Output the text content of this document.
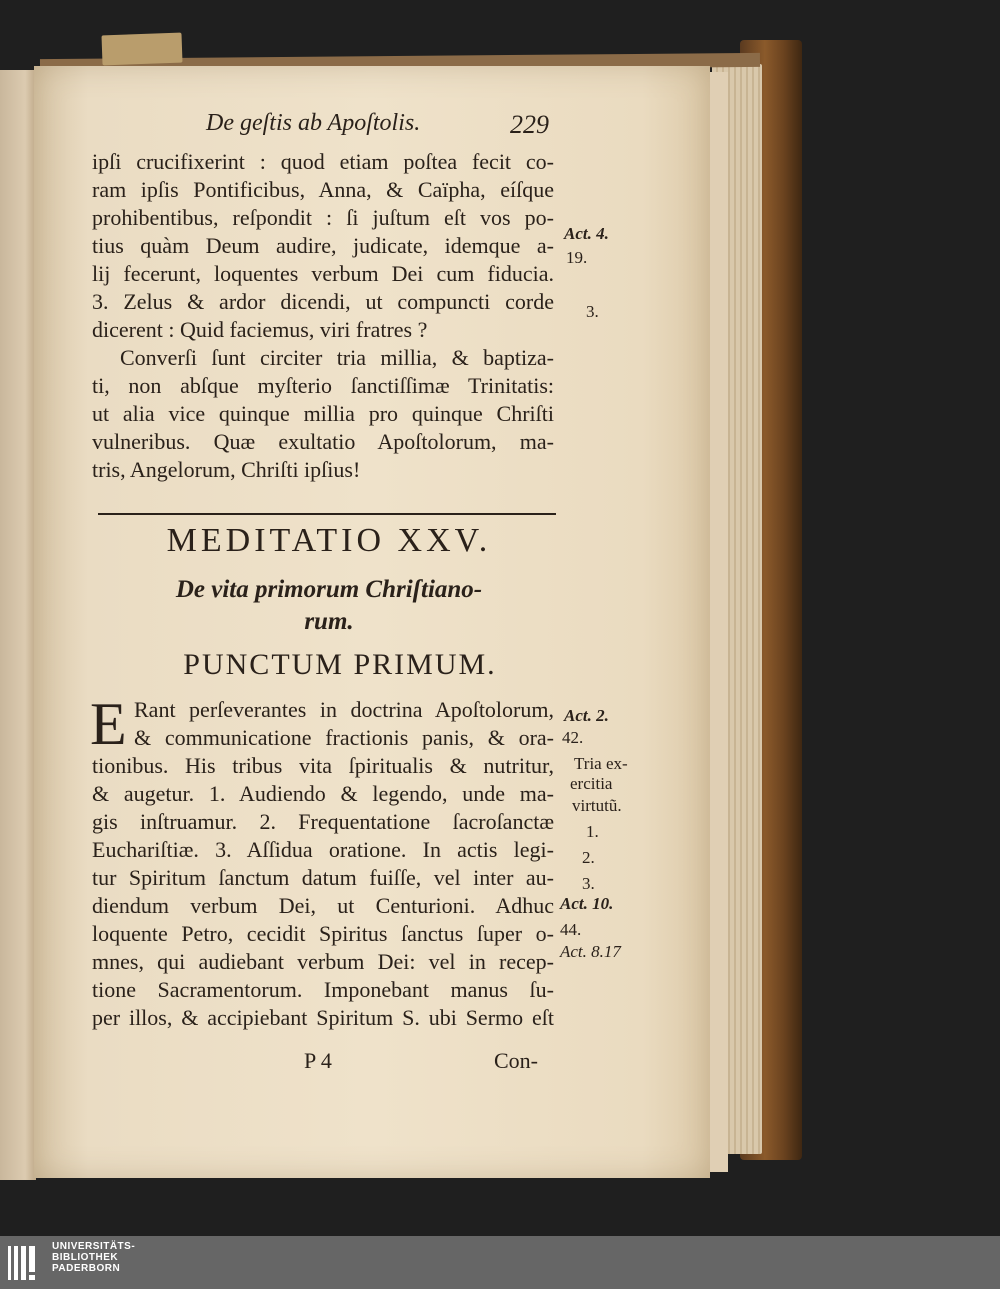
De geſtis ab Apoſtolis.	229
ipſi crucifixerint : quod etiam poſtea fecit co-
ram ipſis Pontificibus, Anna, & Caïpha, eíſque
prohibentibus, reſpondit : ſi juſtum eſt vos po-
tius quàm Deum audire, judicate, idemque a-
lij fecerunt, loquentes verbum Dei cum fiducia.
3. Zelus & ardor dicendi, ut compuncti corde
dicerent : Quid faciemus, viri fratres ?
Converſi ſunt circiter tria millia, & baptiza-
ti, non abſque myſterio ſanctiſſimæ Trinitatis:
ut alia vice quinque millia pro quinque Chriſti
vulneribus. Quæ exultatio Apoſtolorum, ma-
tris, Angelorum, Chriſti ipſius!
MEDITATIO XXV.
De vita primorum Chriſtiano-
rum.
PUNCTUM PRIMUM.
E Rant perſeverantes in doctrina Apoſtolorum,
& communicatione fractionis panis, & ora-
tionibus. His tribus vita ſpiritualis & nutritur,
& augetur. 1. Audiendo & legendo, unde ma-
gis inſtruamur. 2. Frequentatione ſacroſanctæ
Euchariſtiæ. 3. Aſſidua oratione. In actis legi-
tur Spiritum ſanctum datum fuiſſe, vel inter au-
diendum verbum Dei, ut Centurioni. Adhuc
loquente Petro, cecidit Spiritus ſanctus ſuper o-
mnes, qui audiebant verbum Dei: vel in recep-
tione Sacramentorum. Imponebant manus ſu-
per illos, & accipiebant Spiritum S. ubi Sermo eſt
P 4	Con-
Act. 4.
19.
3.
Act. 2.
42.
Tria ex-
ercitia
virtutũ.
1.
2.
3.
Act. 10.
44.
Act. 8.17
UNIVERSITÄTS-
BIBLIOTHEK
PADERBORN
